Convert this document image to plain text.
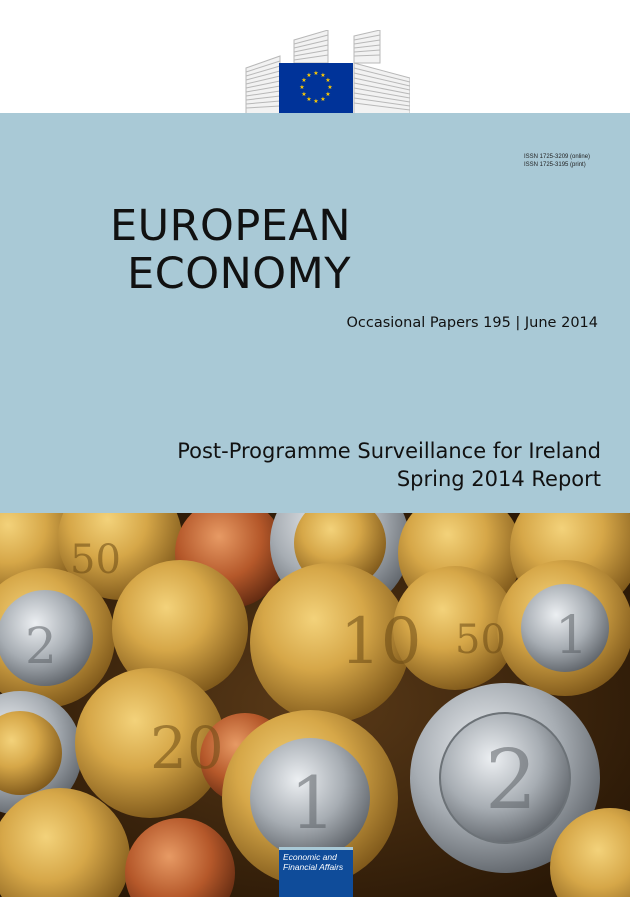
★ ★
★
★
★
★
★
★
★
★
★
★
ISSN 1725-3209 (online)
ISSN 1725-3195 (print)
EUROPEAN
ECONOMY
Occasional Papers 195 | June 2014
Post-Programme Surveillance for Ireland
Spring 2014 Report
10
20
2	1
2
1
50
50
Economic and
Financial Affairs
